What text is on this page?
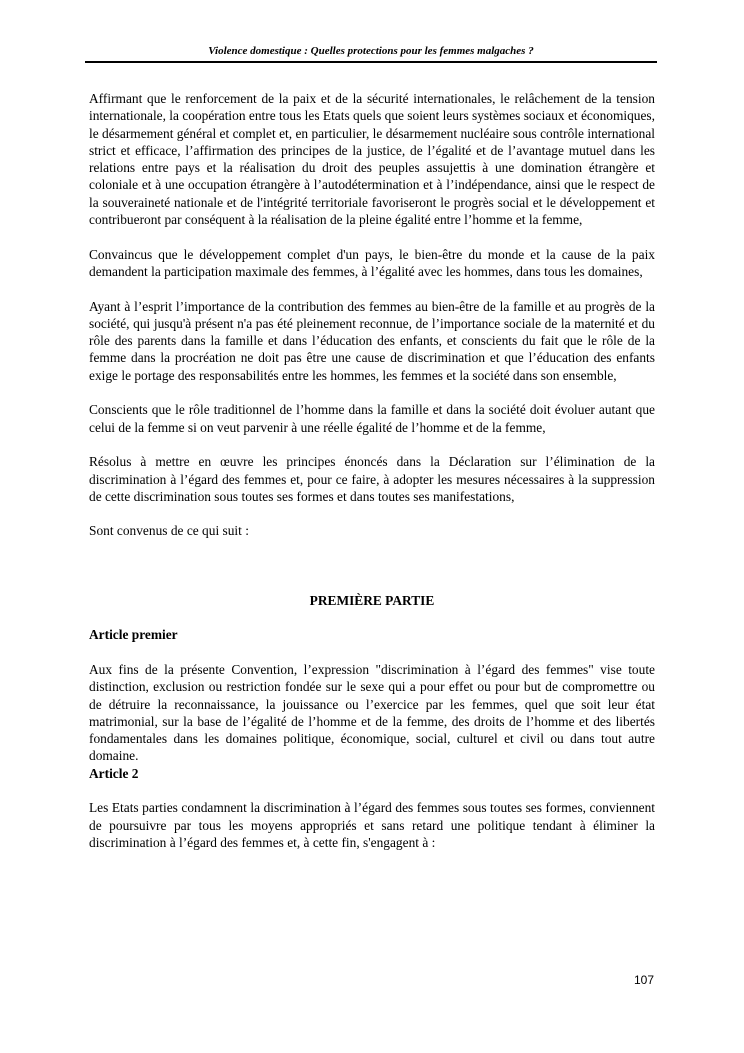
Violence domestique : Quelles protections pour les femmes malgaches ?

Affirmant que le renforcement de la paix et de la sécurité internationales, le relâchement de la tension internationale, la coopération entre tous les Etats quels que soient leurs systèmes sociaux et économiques, le désarmement général et complet et, en particulier, le désarmement nucléaire sous contrôle international strict et efficace, l’affirmation des principes de la justice, de l’égalité et de l’avantage mutuel dans les relations entre pays et la réalisation du droit des peuples assujettis à une domination étrangère et coloniale et à une occupation étrangère à l’autodétermination et à l’indépendance, ainsi que le respect de la souveraineté nationale et de l'intégrité territoriale favoriseront le progrès social et le développement et contribueront par conséquent à la réalisation de la pleine égalité entre l’homme et la femme,

Convaincus que le développement complet d'un pays, le bien-être du monde et la cause de la paix demandent la participation maximale des femmes, à l’égalité avec les hommes, dans tous les domaines,

Ayant à l’esprit l’importance de la contribution des femmes au bien-être de la famille et au progrès de la société, qui jusqu'à présent n'a pas été pleinement reconnue, de l’importance sociale de la maternité et du rôle des parents dans la famille et dans l’éducation des enfants, et conscients du fait que le rôle de la femme dans la procréation ne doit pas être une cause de discrimination et que l’éducation des enfants exige le portage des responsabilités entre les hommes, les femmes et la société dans son ensemble,

Conscients que le rôle traditionnel de l’homme dans la famille et dans la société doit évoluer autant que celui de la femme si on veut parvenir à une réelle égalité de l’homme et de la femme,

Résolus à mettre en œuvre les principes énoncés dans la Déclaration sur l’élimination de la discrimination à l’égard des femmes et, pour ce faire, à adopter les mesures nécessaires à la suppression de cette discrimination sous toutes ses formes et dans toutes ses manifestations,

Sont convenus de ce qui suit :

PREMIÈRE PARTIE

Article premier

Aux fins de la présente Convention, l’expression "discrimination à l’égard des femmes" vise toute distinction, exclusion ou restriction fondée sur le sexe qui a pour effet ou pour but de compromettre ou de détruire la reconnaissance, la jouissance ou l’exercice par les femmes, quel que soit leur état matrimonial, sur la base de l’égalité de l’homme et de la femme, des droits de l’homme et des libertés fondamentales dans les domaines politique, économique, social, culturel et civil ou dans tout autre domaine.

Article 2

Les Etats parties condamnent la discrimination à l’égard des femmes sous toutes ses formes, conviennent de poursuivre par tous les moyens appropriés et sans retard une politique tendant à éliminer la discrimination à l’égard des femmes et, à cette fin, s'engagent à :

107
